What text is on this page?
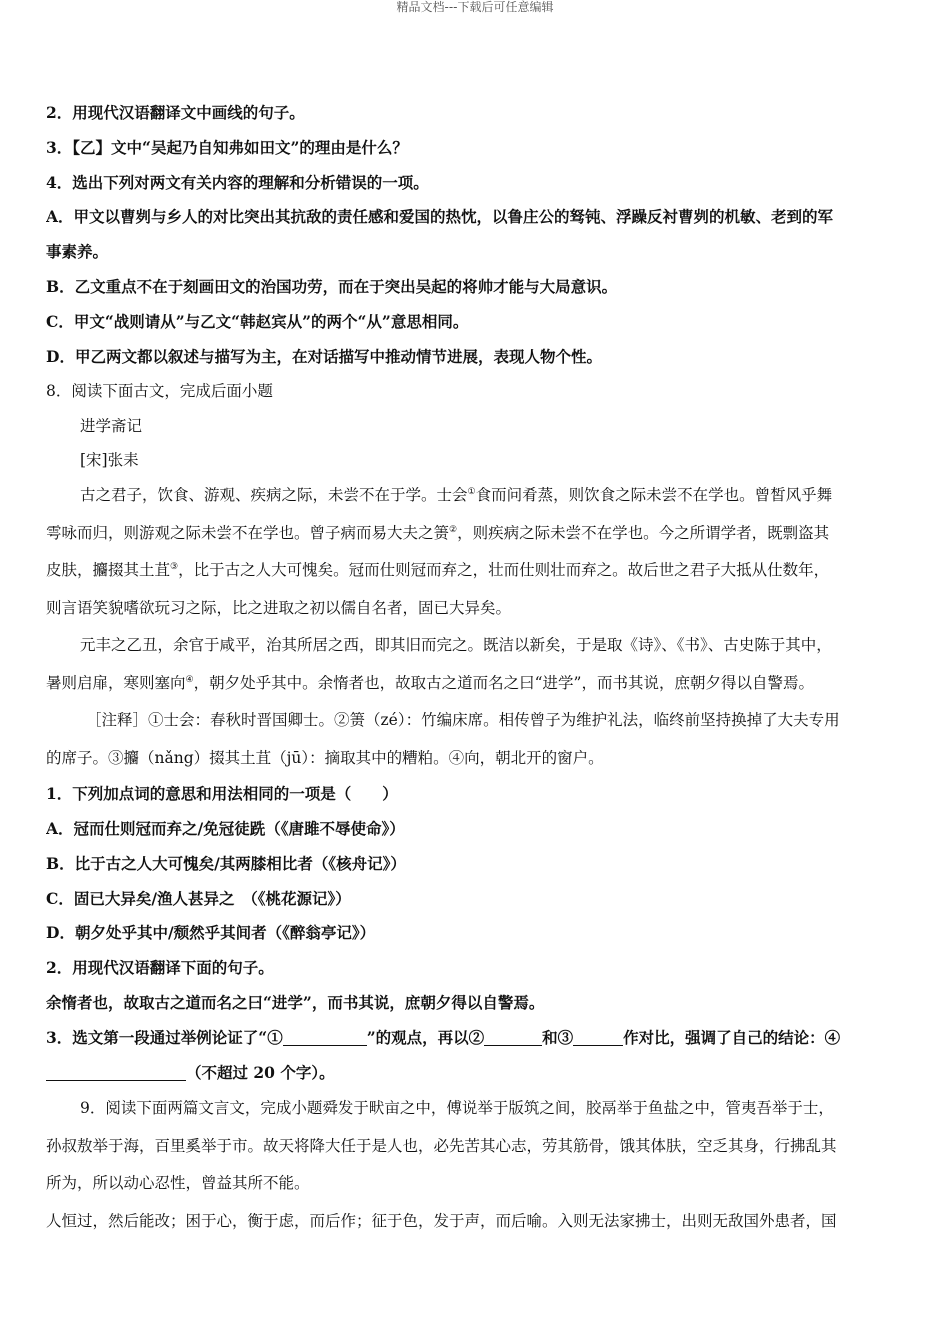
精品文档---下载后可任意编辑
2．用现代汉语翻译文中画线的句子。
3．【乙】文中“吴起乃自知弗如田文”的理由是什么？
4．选出下列对两文有关内容的理解和分析错误的一项。
A．甲文以曹刿与乡人的对比突出其抗敌的责任感和爱国的热忱，以鲁庄公的驽钝、浮躁反衬曹刿的机敏、老到的军
事素养。
B．乙文重点不在于刻画田文的治国功劳，而在于突出吴起的将帅才能与大局意识。
C．甲文“战则请从”与乙文“韩赵宾从”的两个“从”意思相同。
D．甲乙两文都以叙述与描写为主，在对话描写中推动情节进展，表现人物个性。
8．阅读下面古文，完成后面小题
进学斋记
[宋]张耒
古之君子，饮食、游观、疾病之际，未尝不在于学。士会①食而问肴蒸，则饮食之际未尝不在学也。曾皙风乎舞
雩咏而归，则游观之际未尝不在学也。曾子病而易大夫之箦②，则疾病之际未尝不在学也。今之所谓学者，既剽盗其
皮肤，攟掇其土苴③，比于古之人大可愧矣。冠而仕则冠而弃之，壮而仕则壮而弃之。故后世之君子大抵从仕数年，
则言语笑貌嗜欲玩习之际，比之进取之初以儒自名者，固已大异矣。
元丰之乙丑，余官于咸平，治其所居之西，即其旧而完之。既洁以新矣，于是取《诗》、《书》、古史陈于其中，
暑则启扉，寒则塞向④，朝夕处乎其中。余惰者也，故取古之道而名之曰“进学”，而书其说，庶朝夕得以自警焉。
［注释］①士会：春秋时晋国卿士。②箦（zé）：竹编床席。相传曾子为维护礼法，临终前坚持换掉了大夫专用
的席子。③攟（nǎng）掇其土苴（jū）：摘取其中的糟粕。④向，朝北开的窗户。
1．下列加点词的意思和用法相同的一项是（　　）
A．冠而仕则冠而弃之/免冠徒跣（《唐雎不辱使命》）
B．比于古之人大可愧矣/其两膝相比者（《核舟记》）
C．固已大异矣/渔人甚异之　（《桃花源记》）
D．朝夕处乎其中/颓然乎其间者（《醉翁亭记》）
2．用现代汉语翻译下面的句子。
余惰者也，故取古之道而名之曰“进学”，而书其说，庶朝夕得以自警焉。
3．选文第一段通过举例论证了“①	”的观点，再以②	和③	作对比，强调了自己的结论：④
（不超过 20 个字）。
9．阅读下面两篇文言文，完成小题舜发于畎亩之中，傅说举于版筑之间，胶鬲举于鱼盐之中，管夷吾举于士，
孙叔敖举于海，百里奚举于市。故天将降大任于是人也，必先苦其心志，劳其筋骨，饿其体肤，空乏其身，行拂乱其
所为，所以动心忍性，曾益其所不能。
人恒过，然后能改；困于心，衡于虑，而后作；征于色，发于声，而后喻。入则无法家拂士，出则无敌国外患者，国
